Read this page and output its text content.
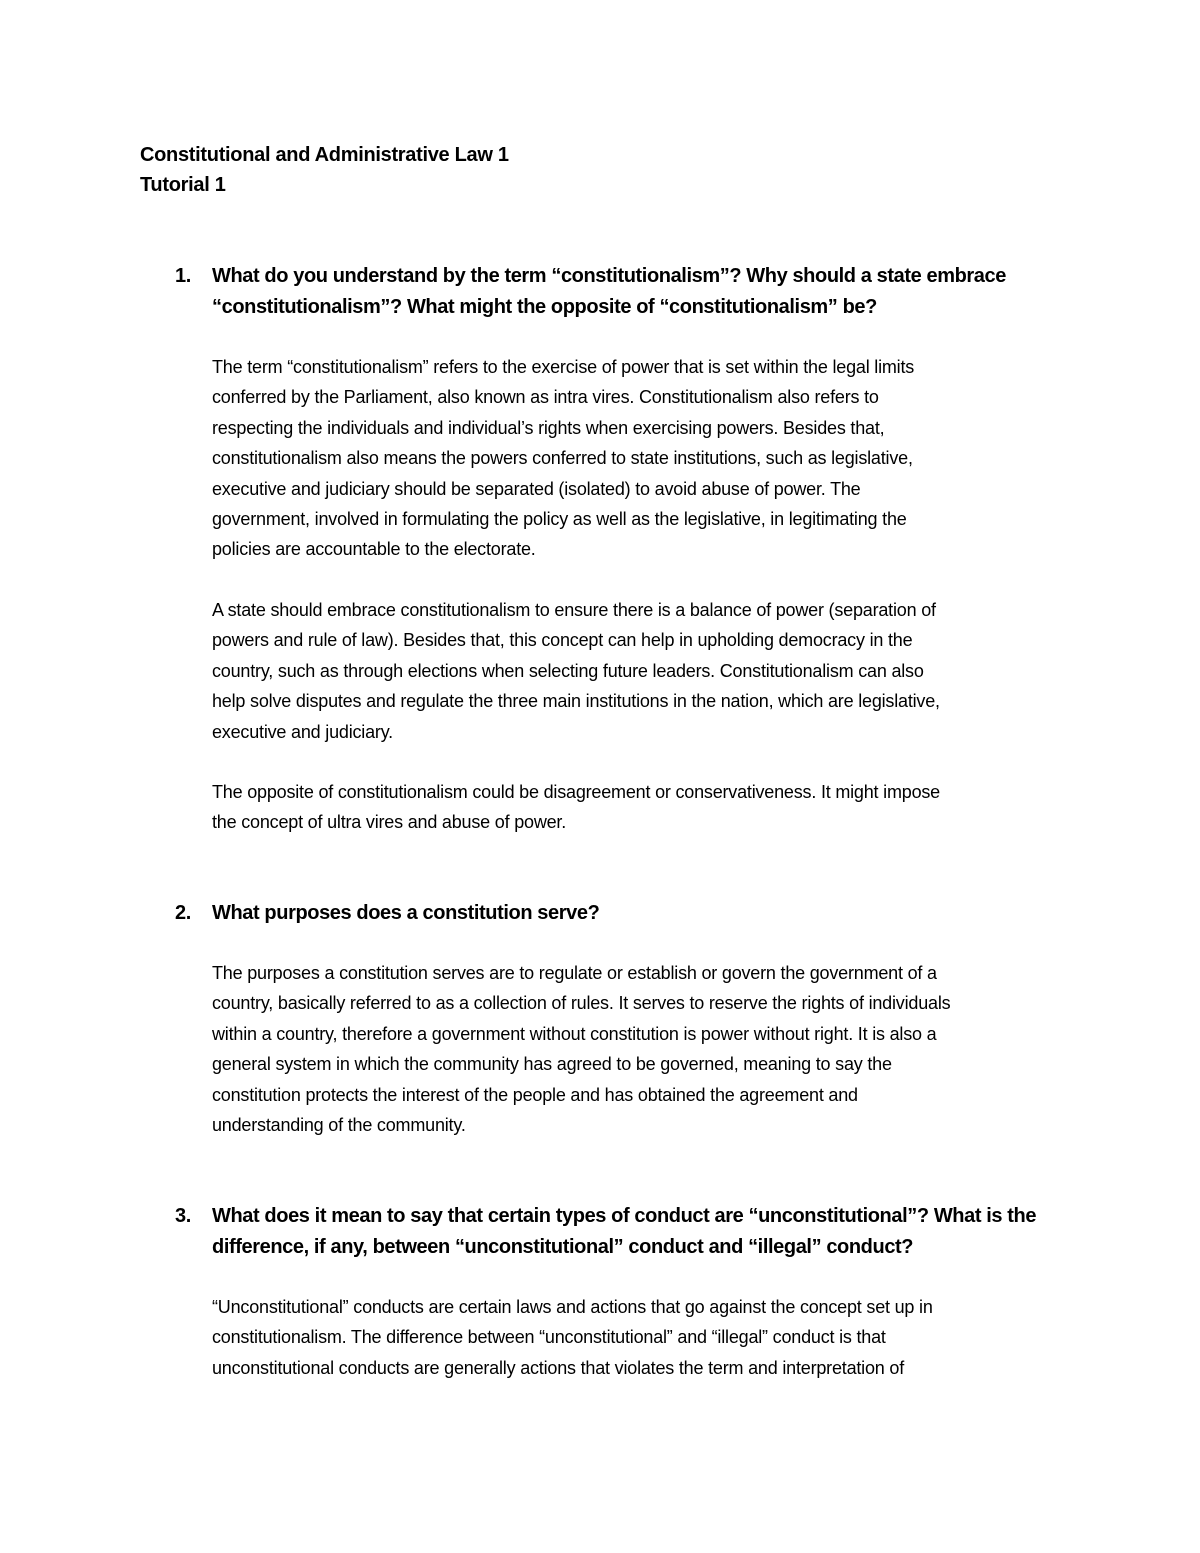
Constitutional and Administrative Law 1
Tutorial 1
1.	What do you understand by the term “constitutionalism”? Why should a state embrace
“constitutionalism”? What might the opposite of “constitutionalism” be?
The term “constitutionalism” refers to the exercise of power that is set within the legal limits
conferred by the Parliament, also known as intra vires. Constitutionalism also refers to
respecting the individuals and individual’s rights when exercising powers. Besides that,
constitutionalism also means the powers conferred to state institutions, such as legislative,
executive and judiciary should be separated (isolated) to avoid abuse of power. The
government, involved in formulating the policy as well as the legislative, in legitimating the
policies are accountable to the electorate.
A state should embrace constitutionalism to ensure there is a balance of power (separation of
powers and rule of law). Besides that, this concept can help in upholding democracy in the
country, such as through elections when selecting future leaders. Constitutionalism can also
help solve disputes and regulate the three main institutions in the nation, which are legislative,
executive and judiciary.
The opposite of constitutionalism could be disagreement or conservativeness. It might impose
the concept of ultra vires and abuse of power.
2.	What purposes does a constitution serve?
The purposes a constitution serves are to regulate or establish or govern the government of a
country, basically referred to as a collection of rules. It serves to reserve the rights of individuals
within a country, therefore a government without constitution is power without right. It is also a
general system in which the community has agreed to be governed, meaning to say the
constitution protects the interest of the people and has obtained the agreement and
understanding of the community.
3.	What does it mean to say that certain types of conduct are “unconstitutional”? What is the
difference, if any, between “unconstitutional” conduct and “illegal” conduct?
“Unconstitutional” conducts are certain laws and actions that go against the concept set up in
constitutionalism. The difference between “unconstitutional” and “illegal” conduct is that
unconstitutional conducts are generally actions that violates the term and interpretation of
